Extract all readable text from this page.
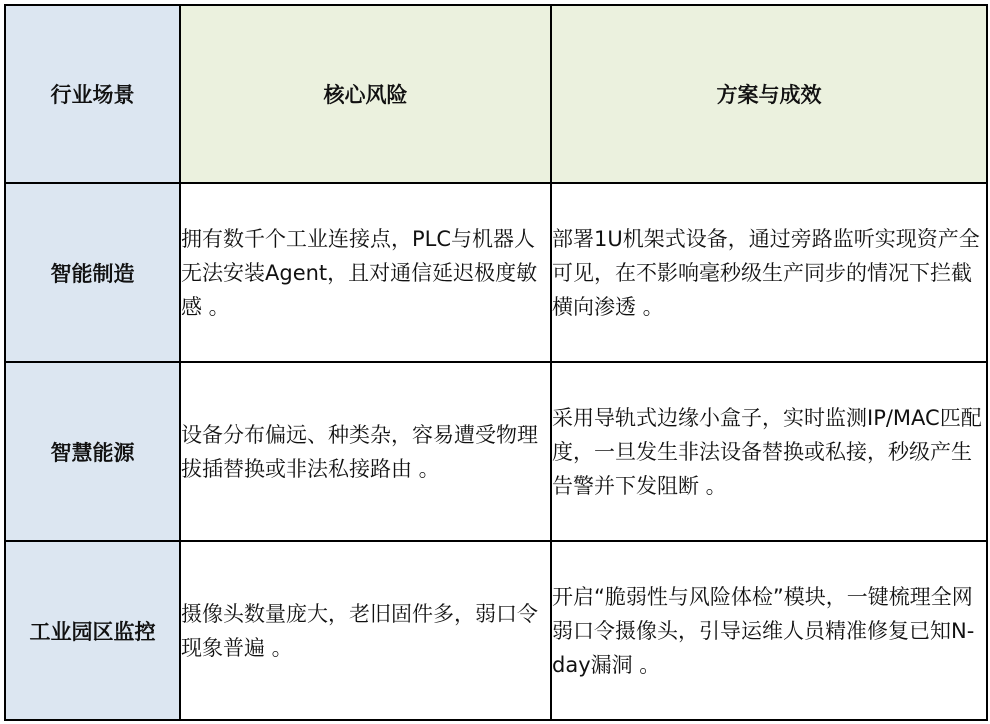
行业场景	核心风险	方案与成效
智能制造	拥有数千个工业连接点，PLC与机器人无法安装Agent，且对通信延迟极度敏感 。	部署1U机架式设备，通过旁路监听实现资产全可见，在不影响毫秒级生产同步的情况下拦截横向渗透 。
智慧能源	设备分布偏远、种类杂，容易遭受物理拔插替换或非法私接路由 。	采用导轨式边缘小盒子，实时监测IP/MAC匹配度，一旦发生非法设备替换或私接，秒级产生告警并下发阻断 。
工业园区监控	摄像头数量庞大，老旧固件多，弱口令现象普遍 。	开启“脆弱性与风险体检”模块，一键梳理全网弱口令摄像头，引导运维人员精准修复已知N-day漏洞 。
